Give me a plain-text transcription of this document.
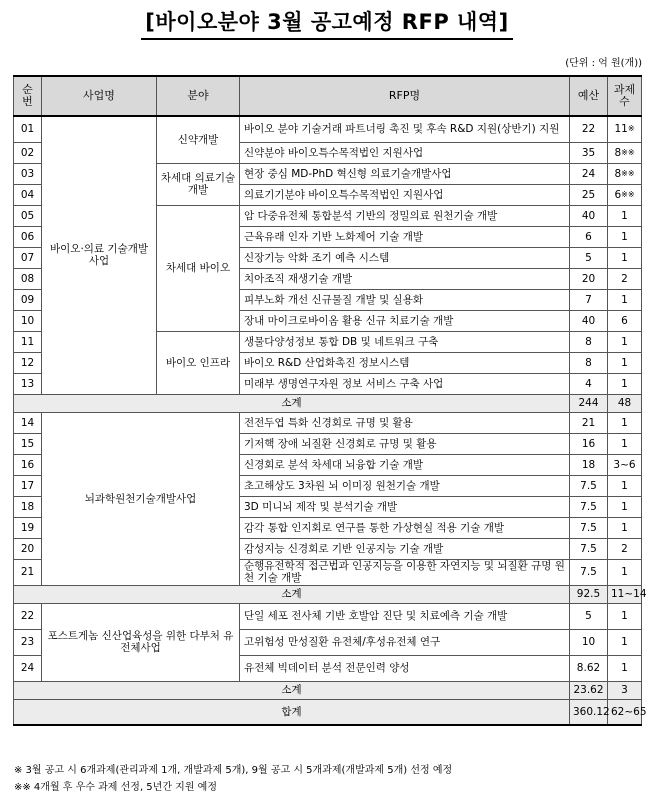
[바이오분야 3월 공고예정 RFP 내역]
(단위 : 억 원(개))
순번	사업명	분야	RFP명	예산	과제수
01	바이오·의료 기술개발사업	신약개발	바이오 분야 기술거래 파트너링 촉진 및 후속 R&D 지원(상반기) 지원	22	11※
02			신약분야 바이오특수목적법인 지원사업	35	8※※
03		차세대 의료기술개발	현장 중심 MD-PhD 혁신형 의료기술개발사업	24	8※※
04			의료기기분야 바이오특수목적법인 지원사업	25	6※※
05		차세대 바이오	암 다중유전체 통합분석 기반의 정밀의료 원천기술 개발	40	1
06			근육유래 인자 기반 노화제어 기술 개발	6	1
07			신장기능 악화 조기 예측 시스템	5	1
08			치아조직 재생기술 개발	20	2
09			피부노화 개선 신규물질 개발 및 실용화	7	1
10			장내 마이크로바이옴 활용 신규 치료기술 개발	40	6
11		바이오 인프라	생물다양성정보 통합 DB 및 네트워크 구축	8	1
12			바이오 R&D 산업화촉진 정보시스템	8	1
13			미래부 생명연구자원 정보 서비스 구축 사업	4	1
소계				244	48
14	뇌과학원천기술개발사업		전전두엽 특화 신경회로 규명 및 활용	21	1
15			기저핵 장애 뇌질환 신경회로 규명 및 활용	16	1
16			신경회로 분석 차세대 뇌융합 기술 개발	18	3~6
17			초고해상도 3차원 뇌 이미징 원천기술 개발	7.5	1
18			3D 미니뇌 제작 및 분석기술 개발	7.5	1
19			감각 통합 인지회로 연구를 통한 가상현실 적용 기술 개발	7.5	1
20			감성지능 신경회로 기반 인공지능 기술 개발	7.5	2
21			순행유전학적 접근법과 인공지능을 이용한 자연지능 및 뇌질환 규명 원천 기술 개발	7.5	1
소계				92.5	11~14
22	포스트게놈 신산업육성을 위한 다부처 유전체사업		단일 세포 전사체 기반 호발암 진단 및 치료예측 기술 개발	5	1
23			고위험성 만성질환 유전체/후성유전체 연구	10	1
24			유전체 빅데이터 분석 전문인력 양성	8.62	1
소계				23.62	3
합계				360.12	62~65
※ 3월 공고 시 6개과제(관리과제 1개, 개발과제 5개), 9월 공고 시 5개과제(개발과제 5개) 선정 예정
※※ 4개월 후 우수 과제 선정, 5년간 지원 예정
